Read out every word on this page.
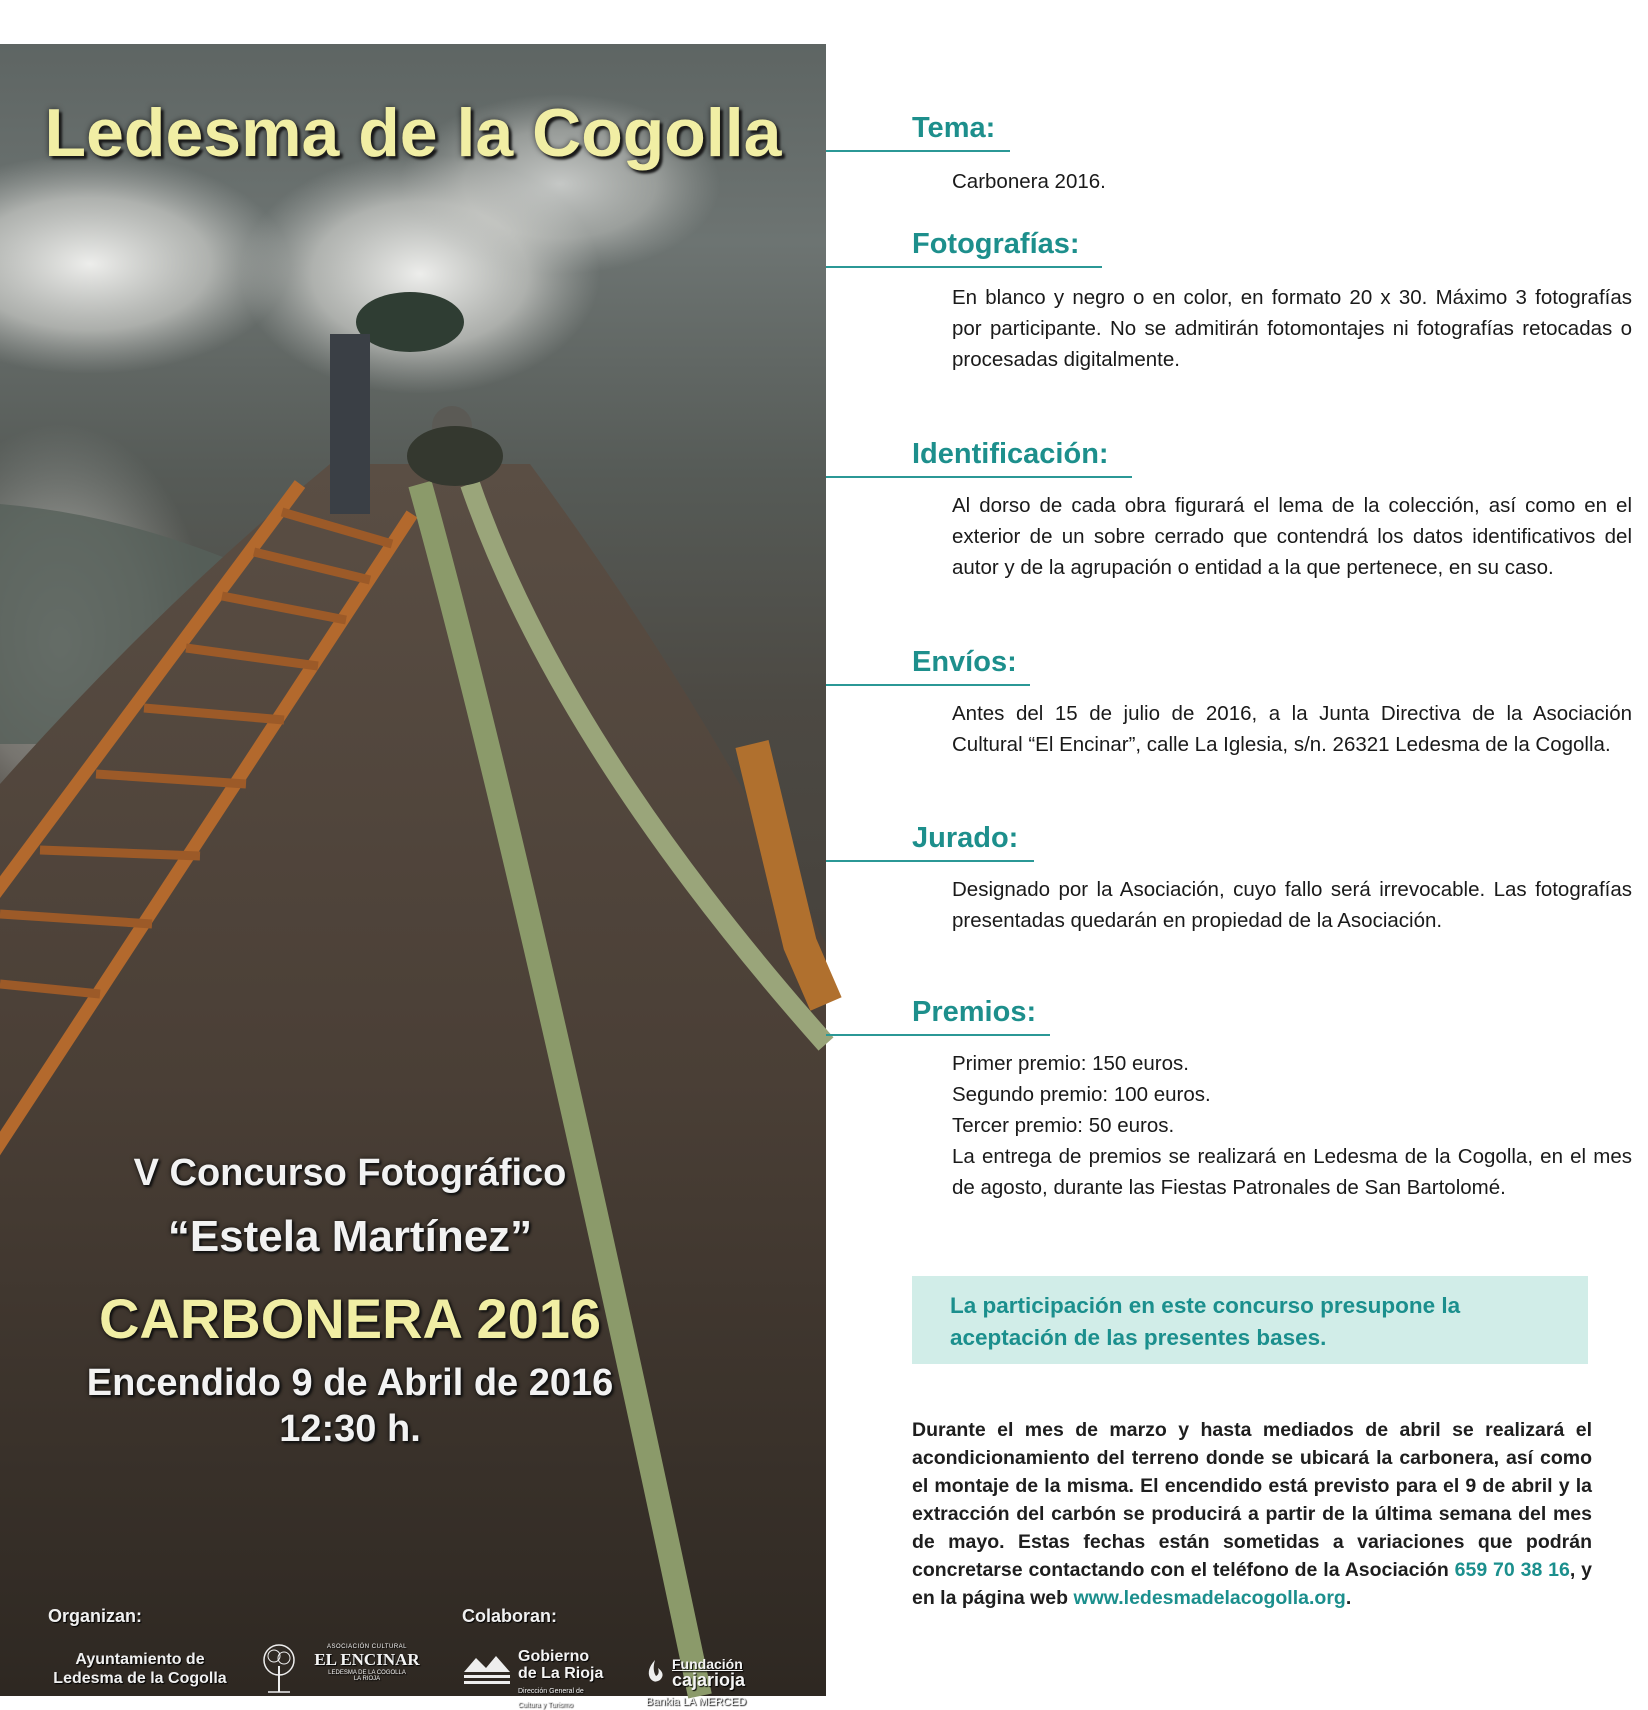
Ledesma de la Cogolla
V Concurso Fotográfico
“Estela Martínez”
CARBONERA 2016
Encendido 9 de Abril de 2016
12:30 h.
Organizan:	Colaboran:
Ayuntamiento de
Ledesma de la Cogolla
ASOCIACIÓN CULTURAL
EL ENCINAR
LEDESMA DE LA COGOLLA
LA RIOJA
Gobierno
de La Rioja
Dirección General de
Cultura y Turismo
Fundación
cajarioja
Bankia LA MERCED
Tema:
Carbonera 2016.
Fotografías:
En blanco y negro o en color, en formato 20 x 30. Máximo 3 fotografías por participante. No se admitirán fotomontajes ni fotografías retocadas o procesadas digitalmente.
Identificación:
Al dorso de cada obra figurará el lema de la colección, así como en el exterior de un sobre cerrado que contendrá los datos identificativos del autor y de la agrupación o entidad a la que pertenece, en su caso.
Envíos:
Antes del 15 de julio de 2016, a la Junta Directiva de la Asociación Cultural “El Encinar”, calle La Iglesia, s/n. 26321 Ledesma de la Cogolla.
Jurado:
Designado por la Asociación, cuyo fallo será irrevocable. Las fotografías presentadas quedarán en propiedad de la Asociación.
Premios:
Primer premio: 150 euros.
Segundo premio: 100 euros.
Tercer premio: 50 euros.
La entrega de premios se realizará en Ledesma de la Cogolla, en el mes de agosto, durante las Fiestas Patronales de San Bartolomé.
La participación en este concurso presupone la aceptación de las presentes bases.
Durante el mes de marzo y hasta mediados de abril se realizará el acondicionamiento del terreno donde se ubicará la carbonera, así como el montaje de la misma. El encendido está previsto para el 9 de abril y la extracción del carbón se producirá a partir de la última semana del mes de mayo. Estas fechas están sometidas a variaciones que podrán concretarse contactando con el teléfono de la Asociación 659 70 38 16, y en la página web www.ledesmadelacogolla.org.
